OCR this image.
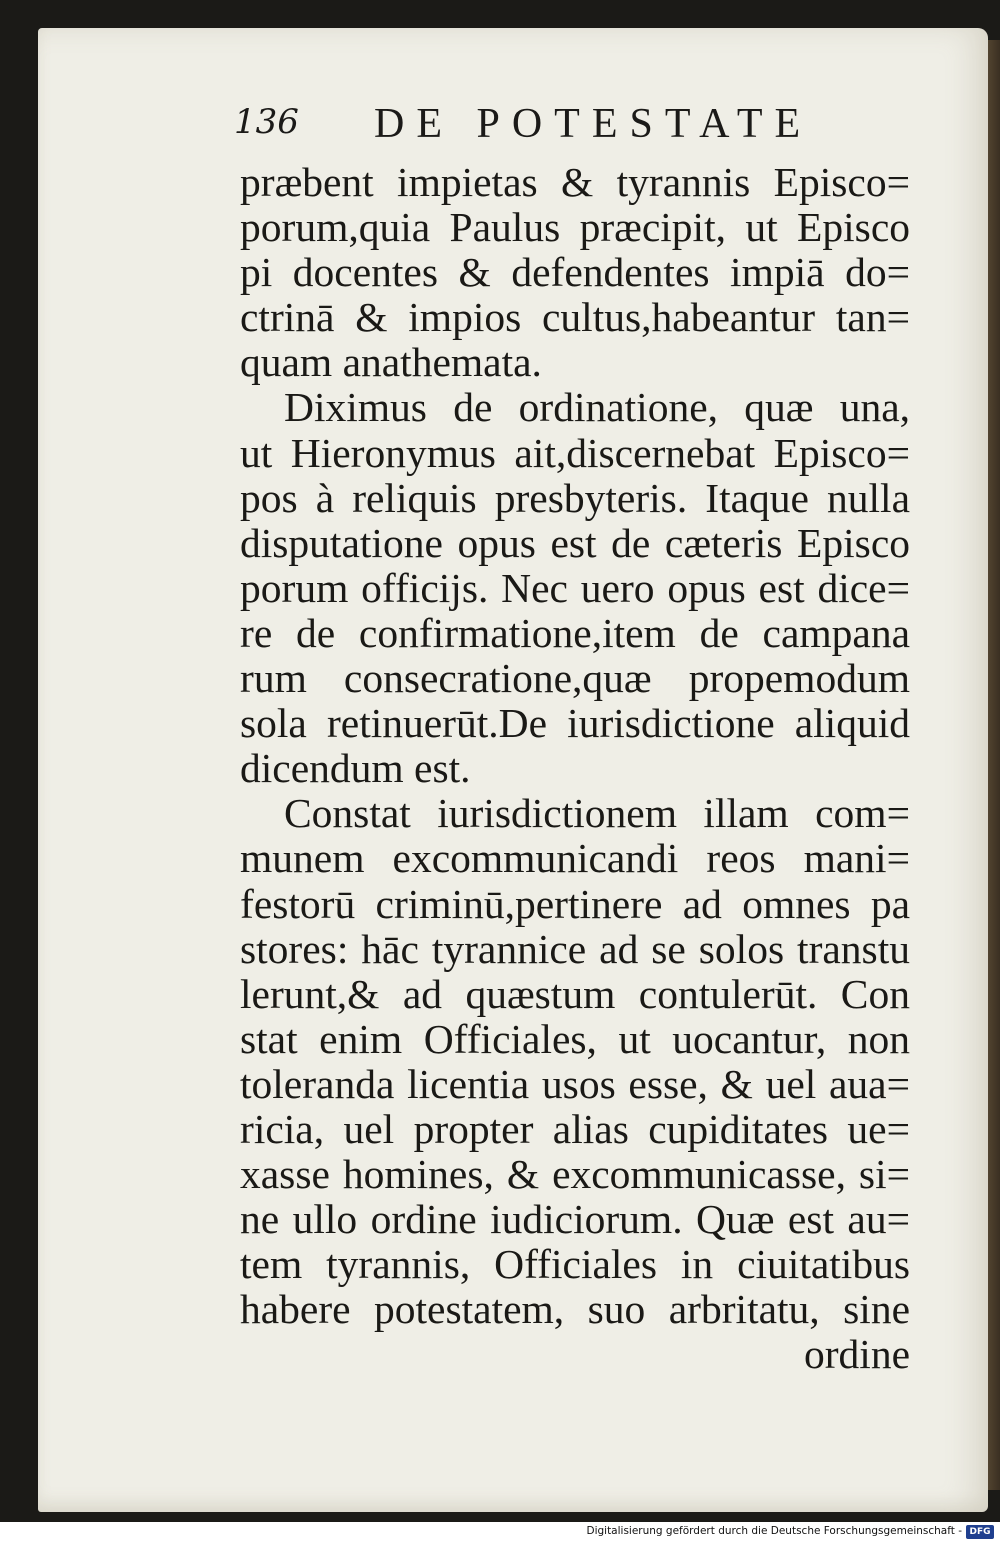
136 DE POTESTATE
præbent impietas & tyrannis Episco=
porum,quia Paulus præcipit, ut Episco
pi docentes & defendentes impiā do=
ctrinā & impios cultus,habeantur tan=
quam anathemata.
Diximus de ordinatione, quæ una,
ut Hieronymus ait,discernebat Episco=
pos à reliquis presbyteris. Itaque nulla
disputatione opus est de cæteris Episco
porum officijs. Nec uero opus est dice=
re de confirmatione,item de campana
rum consecratione,quæ propemodum
sola retinuerūt.De iurisdictione aliquid
dicendum est.
Constat iurisdictionem illam com=
munem excommunicandi reos mani=
festorū criminū,pertinere ad omnes pa
stores: hāc tyrannice ad se solos transtu
lerunt,& ad quæstum contulerūt. Con
stat enim Officiales, ut uocantur, non
toleranda licentia usos esse, & uel aua=
ricia, uel propter alias cupiditates ue=
xasse homines, & excommunicasse, si=
ne ullo ordine iudiciorum. Quæ est au=
tem tyrannis, Officiales in ciuitatibus
habere potestatem, suo arbritatu, sine
ordine
Digitalisierung gefördert durch die Deutsche Forschungsgemeinschaft - DFG
